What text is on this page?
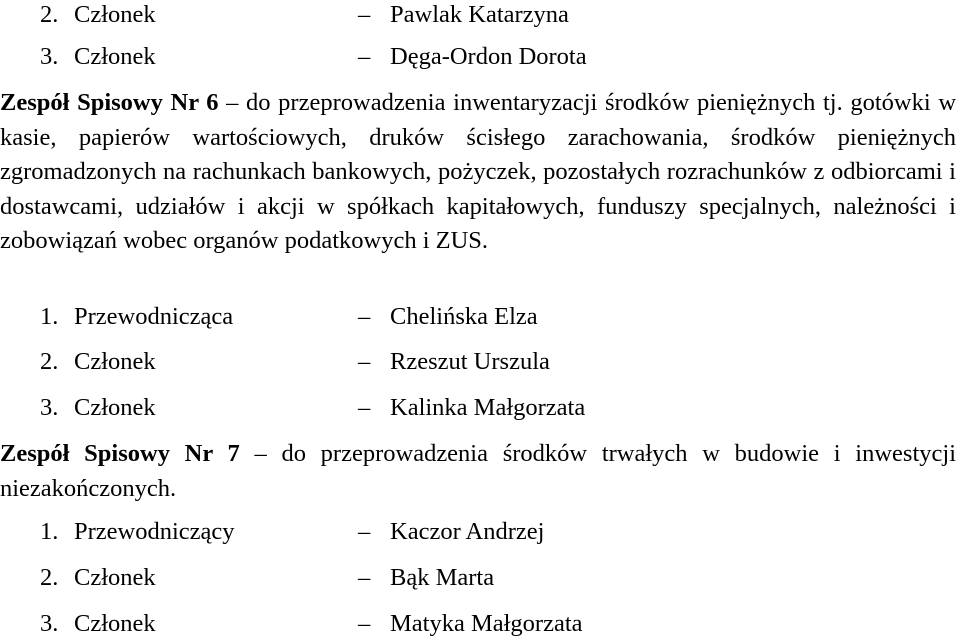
2. Członek	– Pawlak Katarzyna
3. Członek	– Dęga-Ordon Dorota
Zespół Spisowy Nr 6 – do przeprowadzenia inwentaryzacji środków pieniężnych tj. gotówki w kasie, papierów wartościowych, druków ścisłego zarachowania, środków pieniężnych zgromadzonych na rachunkach bankowych, pożyczek, pozostałych rozrachunków z odbiorcami i dostawcami, udziałów i akcji w spółkach kapitałowych, funduszy specjalnych, należności i zobowiązań wobec organów podatkowych i ZUS.
1. Przewodnicząca	– Chelińska Elza
2. Członek	– Rzeszut Urszula
3. Członek	– Kalinka Małgorzata
Zespół Spisowy Nr 7 – do przeprowadzenia środków trwałych w budowie i inwestycji niezakończonych.
1. Przewodniczący	– Kaczor Andrzej
2. Członek	– Bąk Marta
3. Członek	– Matyka Małgorzata
